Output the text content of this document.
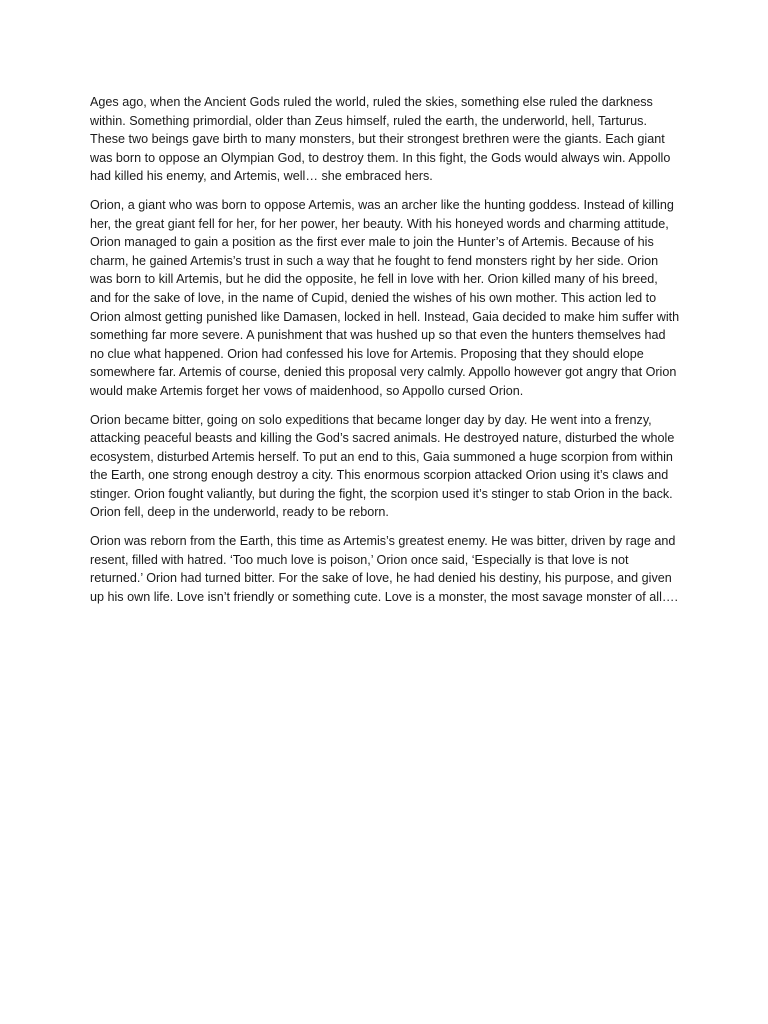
Ages ago, when the Ancient Gods ruled the world, ruled the skies, something else ruled the darkness within. Something primordial, older than Zeus himself, ruled the earth, the underworld, hell, Tarturus. These two beings gave birth to many monsters, but their strongest brethren were the giants. Each giant was born to oppose an Olympian God, to destroy them. In this fight, the Gods would always win. Appollo had killed his enemy, and Artemis, well… she embraced hers.

Orion, a giant who was born to oppose Artemis, was an archer like the hunting goddess. Instead of killing her, the great giant fell for her, for her power, her beauty. With his honeyed words and charming attitude, Orion managed to gain a position as the first ever male to join the Hunter’s of Artemis. Because of his charm, he gained Artemis’s trust in such a way that he fought to fend monsters right by her side. Orion was born to kill Artemis, but he did the opposite, he fell in love with her. Orion killed many of his breed, and for the sake of love, in the name of Cupid, denied the wishes of his own mother. This action led to Orion almost getting punished like Damasen, locked in hell. Instead, Gaia decided to make him suffer with something far more severe. A punishment that was hushed up so that even the hunters themselves had no clue what happened. Orion had confessed his love for Artemis. Proposing that they should elope somewhere far. Artemis of course, denied this proposal very calmly. Appollo however got angry that Orion would make Artemis forget her vows of maidenhood, so Appollo cursed Orion.

Orion became bitter, going on solo expeditions that became longer day by day. He went into a frenzy, attacking peaceful beasts and killing the God’s sacred animals. He destroyed nature, disturbed the whole ecosystem, disturbed Artemis herself. To put an end to this, Gaia summoned a huge scorpion from within the Earth, one strong enough destroy a city. This enormous scorpion attacked Orion using it’s claws and stinger. Orion fought valiantly, but during the fight, the scorpion used it’s stinger to stab Orion in the back. Orion fell, deep in the underworld, ready to be reborn.

Orion was reborn from the Earth, this time as Artemis’s greatest enemy. He was bitter, driven by rage and resent, filled with hatred. ‘Too much love is poison,’ Orion once said, ‘Especially is that love is not returned.’ Orion had turned bitter. For the sake of love, he had denied his destiny, his purpose, and given up his own life. Love isn’t friendly or something cute. Love is a monster, the most savage monster of all….
